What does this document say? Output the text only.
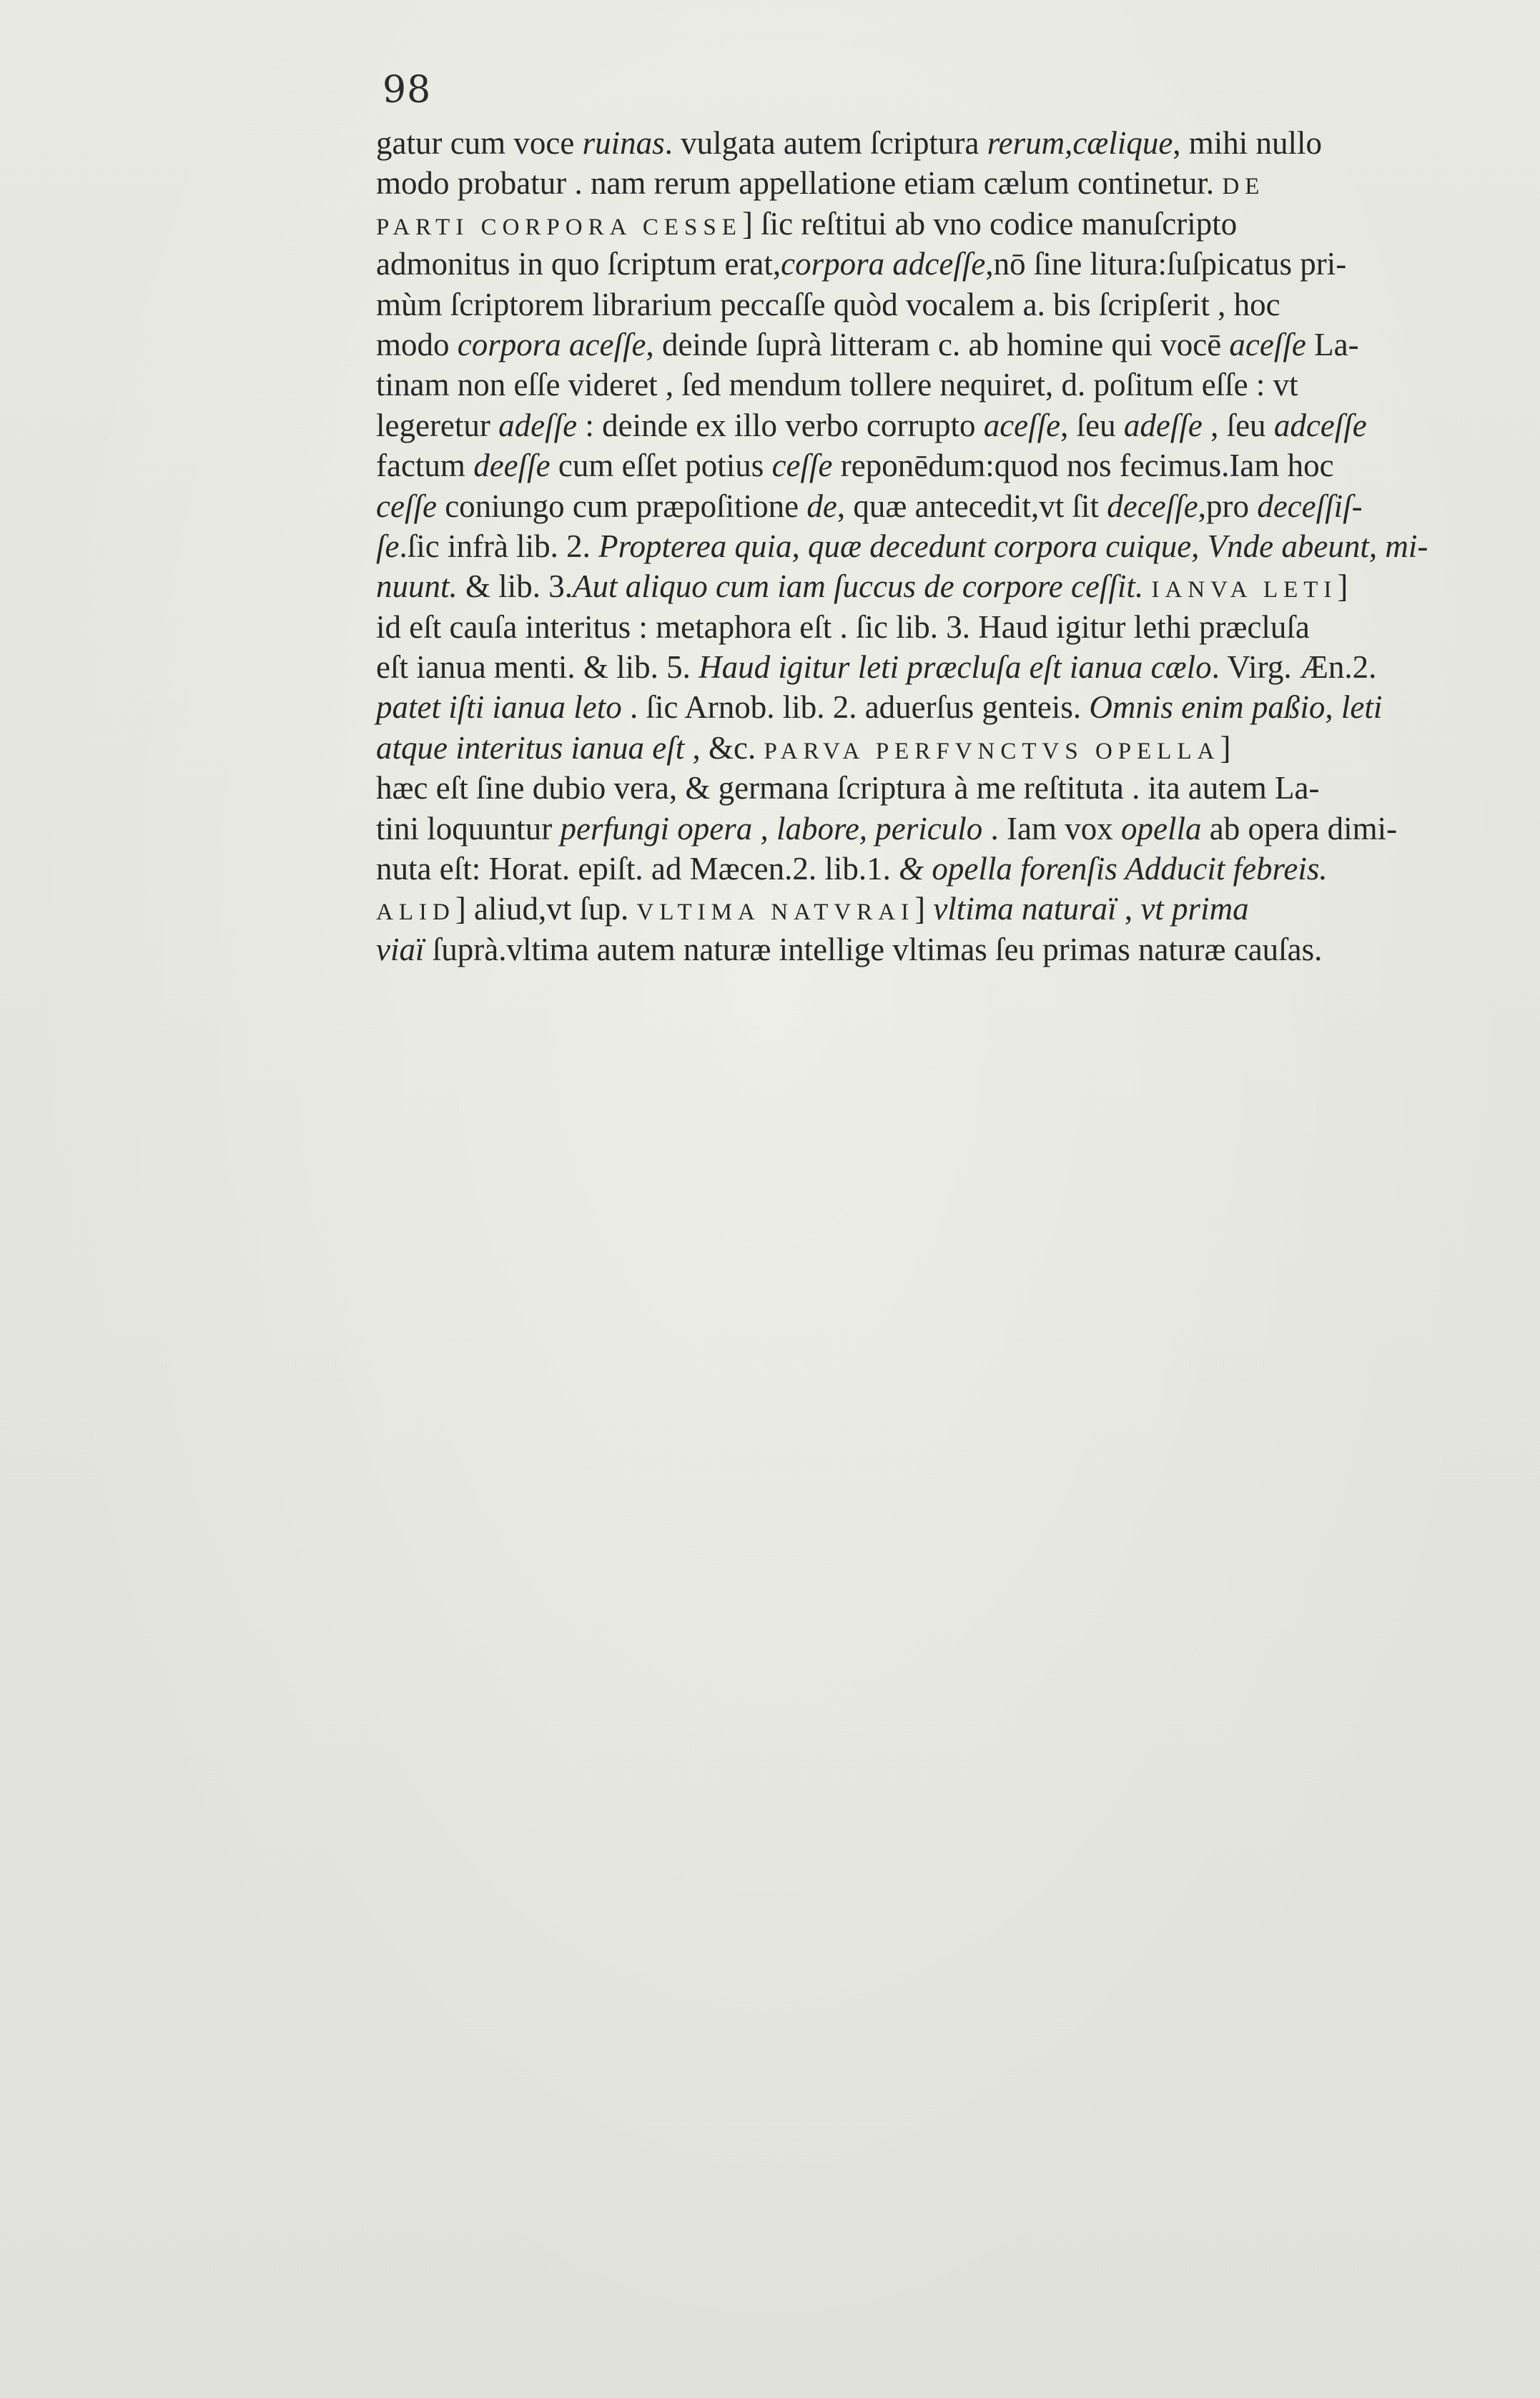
98
gatur cum voce ruinas. vulgata autem ſcriptura rerum,cælique, mihi nullo
modo probatur . nam rerum appellatione etiam cælum continetur. DE
PARTI CORPORA CESSE] ſic reſtitui ab vno codice manuſcripto
admonitus in quo ſcriptum erat,corpora adceſſe,nō ſine litura:ſuſpicatus pri-
mùm ſcriptorem librarium peccaſſe quòd vocalem a. bis ſcripſerit , hoc
modo corpora aceſſe, deinde ſuprà litteram c. ab homine qui vocē aceſſe La-
tinam non eſſe videret , ſed mendum tollere nequiret, d. poſitum eſſe : vt
legeretur adeſſe : deinde ex illo verbo corrupto aceſſe, ſeu adeſſe , ſeu adceſſe
factum deeſſe cum eſſet potius ceſſe reponēdum:quod nos fecimus.Iam hoc
ceſſe coniungo cum præpoſitione de, quæ antecedit,vt ſit deceſſe,pro deceſſiſ-
ſe.ſic infrà lib. 2. Propterea quia, quæ decedunt corpora cuique, Vnde abeunt, mi-
nuunt. & lib. 3.Aut aliquo cum iam ſuccus de corpore ceſſit. IANVA LETI]
id eſt cauſa interitus : metaphora eſt . ſic lib. 3. Haud igitur lethi præcluſa
eſt ianua menti. & lib. 5. Haud igitur leti præcluſa eſt ianua cælo. Virg. Æn.2.
patet iſti ianua leto . ſic Arnob. lib. 2. aduerſus genteis. Omnis enim paßio, leti
atque interitus ianua eſt , &c. PARVA PERFVNCTVS OPELLA]
hæc eſt ſine dubio vera, & germana ſcriptura à me reſtituta . ita autem La-
tini loquuntur perfungi opera , labore, periculo . Iam vox opella ab opera dimi-
nuta eſt: Horat. epiſt. ad Mæcen.2. lib.1. & opella forenſis Adducit febreis.
ALID] aliud,vt ſup. VLTIMA NATVRAI] vltima naturaï , vt prima
viaï ſuprà.vltima autem naturæ intellige vltimas ſeu primas naturæ cauſas.
